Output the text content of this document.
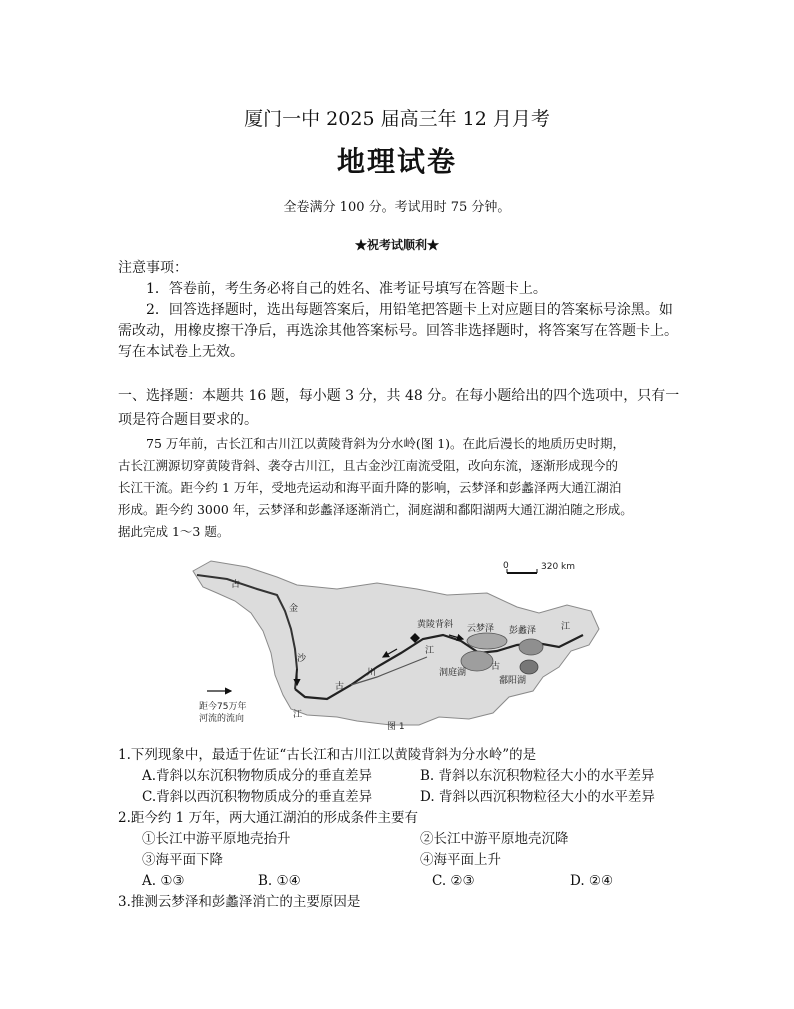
厦门一中 2025 届高三年 12 月月考
地理试卷
全卷满分 100 分。考试用时 75 分钟。
★祝考试顺利★
注意事项：
1．答卷前，考生务必将自己的姓名、准考证号填写在答题卡上。
2．回答选择题时，选出每题答案后，用铅笔把答题卡上对应题目的答案标号涂黑。如
需改动，用橡皮擦干净后，再选涂其他答案标号。回答非选择题时，将答案写在答题卡上。
写在本试卷上无效。
一、选择题：本题共 16 题，每小题 3 分，共 48 分。在每小题给出的四个选项中，只有一
项是符合题目要求的。
75 万年前，古长江和古川江以黄陵背斜为分水岭(图 1)。在此后漫长的地质历史时期，
古长江溯源切穿黄陵背斜、袭夺古川江，且古金沙江南流受阻，改向东流，逐渐形成现今的
长江干流。距今约 1 万年，受地壳运动和海平面升降的影响，云梦泽和彭蠡泽两大通江湖泊
形成。距今约 3000 年，云梦泽和彭蠡泽逐渐消亡，洞庭湖和鄱阳湖两大通江湖泊随之形成。
据此完成 1～3 题。
0	320 km
古
金
沙
江
黄陵背斜 云梦泽 彭蠡泽	江
江
川
古
洞庭湖
古
鄱阳湖
距今75万年
河流的流向
图 1
1.下列现象中，最适于佐证“古长江和古川江以黄陵背斜为分水岭”的是
A.背斜以东沉积物物质成分的垂直差异	B. 背斜以东沉积物粒径大小的水平差异
C.背斜以西沉积物物质成分的垂直差异	D. 背斜以西沉积物粒径大小的水平差异
2.距今约 1 万年，两大通江湖泊的形成条件主要有
①长江中游平原地壳抬升	②长江中游平原地壳沉降
③海平面下降	④海平面上升
A. ①③	B. ①④	C. ②③	D. ②④
3.推测云梦泽和彭蠡泽消亡的主要原因是
